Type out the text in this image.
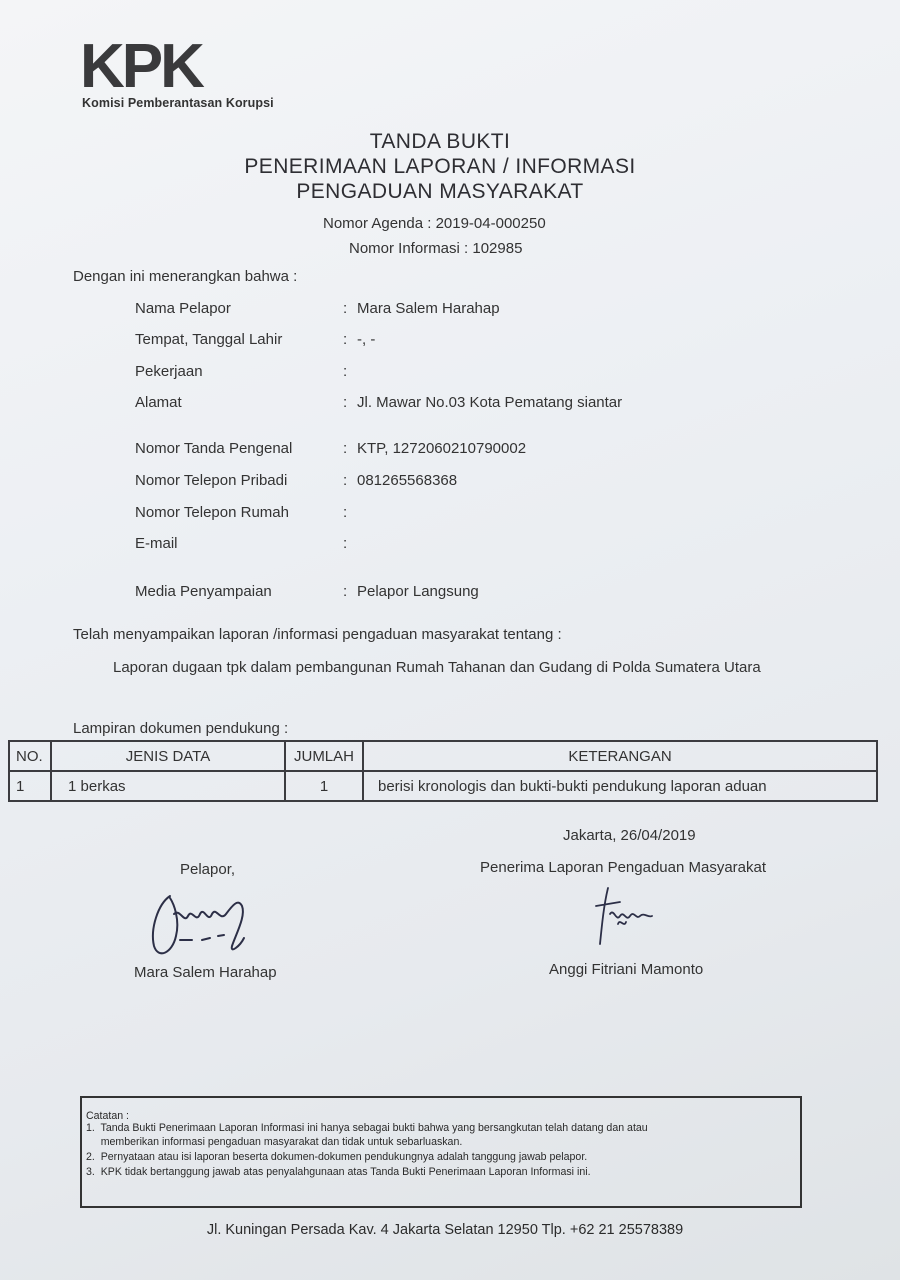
KPK
Komisi Pemberantasan Korupsi
TANDA BUKTI
PENERIMAAN LAPORAN / INFORMASI
PENGADUAN MASYARAKAT
Nomor Agenda : 2019-04-000250
Nomor Informasi : 102985
Dengan ini menerangkan bahwa :
Nama Pelapor	: Mara Salem Harahap
Tempat, Tanggal Lahir	: -, -
Pekerjaan	:
Alamat	: Jl. Mawar No.03 Kota Pematang siantar
Nomor Tanda Pengenal	: KTP, 1272060210790002
Nomor Telepon Pribadi	: 081265568368
Nomor Telepon Rumah	:
E-mail	:
Media Penyampaian	: Pelapor Langsung
Telah menyampaikan laporan /informasi pengaduan masyarakat tentang :
Laporan dugaan tpk dalam pembangunan Rumah Tahanan dan Gudang di Polda Sumatera Utara
Lampiran dokumen pendukung :
NO.	JENIS DATA	JUMLAH	KETERANGAN
1	1 berkas	1	berisi kronologis dan bukti-bukti pendukung laporan aduan
Jakarta, 26/04/2019
Pelapor,	Penerima Laporan Pengaduan Masyarakat
Mara Salem Harahap	Anggi Fitriani Mamonto
Catatan :
1.  Tanda Bukti Penerimaan Laporan Informasi ini hanya sebagai bukti bahwa yang bersangkutan telah datang dan atau
memberikan informasi pengaduan masyarakat dan tidak untuk sebarluaskan.
2.  Pernyataan atau isi laporan beserta dokumen-dokumen pendukungnya adalah tanggung jawab pelapor.
3.  KPK tidak bertanggung jawab atas penyalahgunaan atas Tanda Bukti Penerimaan Laporan Informasi ini.
Jl. Kuningan Persada Kav. 4 Jakarta Selatan 12950 Tlp. +62 21 25578389
